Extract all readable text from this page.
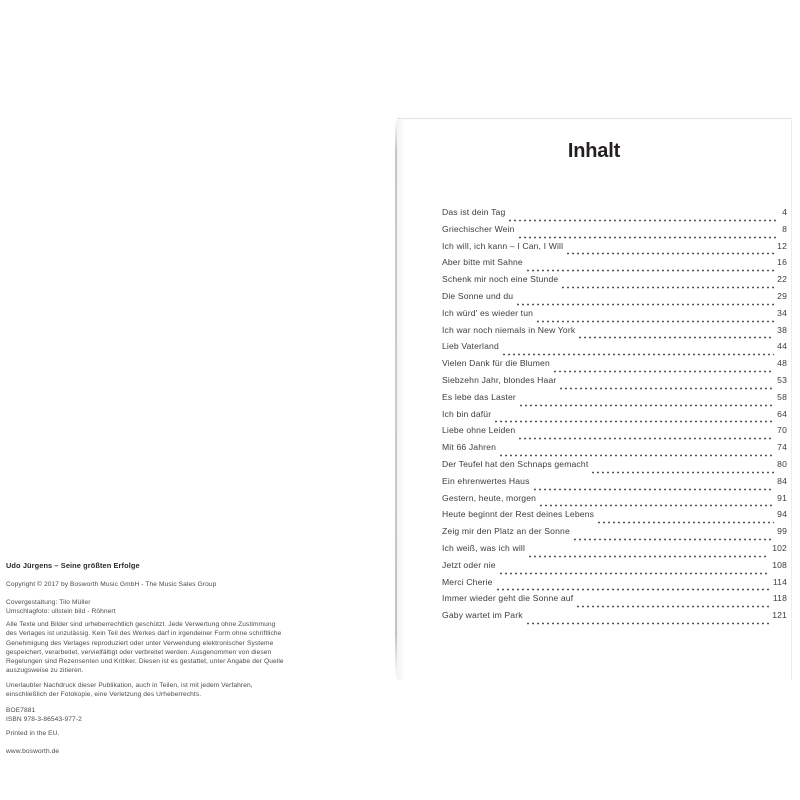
Udo Jürgens – Seine größten Erfolge
Copyright © 2017 by Bosworth Music GmbH - The Music Sales Group
Covergestaltung: Tilo Müller
Umschlagfoto: ullstein bild - Röhnert
Alle Texte und Bilder sind urheberrechtlich geschützt. Jede Verwertung ohne Zustimmung
des Verlages ist unzulässig. Kein Teil des Werkes darf in irgendeiner Form ohne schriftliche
Genehmigung des Verlages reproduziert oder unter Verwendung elektronischer Systeme
gespeichert, verarbeitet, vervielfältigt oder verbreitet werden. Ausgenommen von diesen
Regelungen sind Rezensenten und Kritiker. Diesen ist es gestattet, unter Angabe der Quelle
auszugsweise zu zitieren.
Unerlaubter Nachdruck dieser Publikation, auch in Teilen, ist mit jedem Verfahren,
einschließlich der Fotokopie, eine Verletzung des Urheberrechts.
BOE7881
ISBN 978-3-86543-977-2
Printed in the EU.
www.bosworth.de
Inhalt
Das ist dein Tag	4
Griechischer Wein	8
Ich will, ich kann – I Can, I Will	12
Aber bitte mit Sahne	16
Schenk mir noch eine Stunde	22
Die Sonne und du	29
Ich würd' es wieder tun	34
Ich war noch niemals in New York	38
Lieb Vaterland	44
Vielen Dank für die Blumen	48
Siebzehn Jahr, blondes Haar	53
Es lebe das Laster	58
Ich bin dafür	64
Liebe ohne Leiden	70
Mit 66 Jahren	74
Der Teufel hat den Schnaps gemacht	80
Ein ehrenwertes Haus	84
Gestern, heute, morgen	91
Heute beginnt der Rest deines Lebens	94
Zeig mir den Platz an der Sonne	99
Ich weiß, was ich will	102
Jetzt oder nie	108
Merci Cherie	114
Immer wieder geht die Sonne auf	118
Gaby wartet im Park	121
